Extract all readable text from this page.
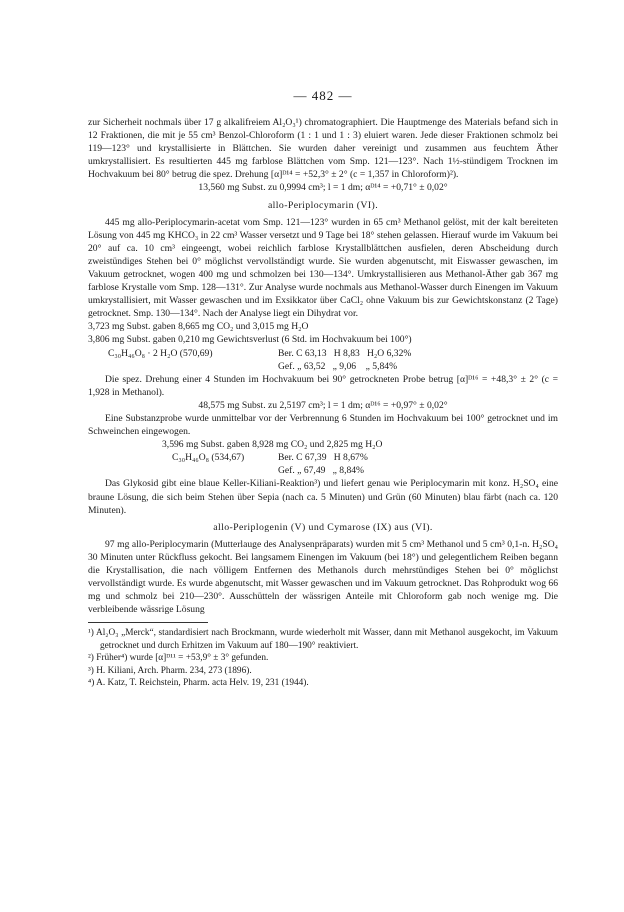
— 482 —

zur Sicherheit nochmals über 17 g alkalifreiem Al₂O₃¹) chromatographiert. Die Hauptmenge des Materials befand sich in 12 Fraktionen, die mit je 55 cm³ Benzol-Chloroform (1 : 1 und 1 : 3) eluiert waren. Jede dieser Fraktionen schmolz bei 119—123° und krystallisierte in Blättchen. Sie wurden daher vereinigt und zusammen aus feuchtem Äther umkrystallisiert. Es resultierten 445 mg farblose Blättchen vom Smp. 121—123°. Nach 1½-stündigem Trocknen im Hochvakuum bei 80° betrug die spez. Drehung [α]ᴰ¹⁴ = +52,3° ± 2° (c = 1,357 in Chloroform)²).

13,560 mg Subst. zu 0,9994 cm³; l = 1 dm; αᴰ¹⁴ = +0,71° ± 0,02°

allo-Periplocymarin (VI).

445 mg allo-Periplocymarin-acetat vom Smp. 121—123° wurden in 65 cm³ Methanol gelöst, mit der kalt bereiteten Lösung von 445 mg KHCO₃ in 22 cm³ Wasser versetzt und 9 Tage bei 18° stehen gelassen. Hierauf wurde im Vakuum bei 20° auf ca. 10 cm³ eingeengt, wobei reichlich farblose Krystallblättchen ausfielen, deren Abscheidung durch zweistündiges Stehen bei 0° möglichst vervollständigt wurde. Sie wurden abgenutscht, mit Eiswasser gewaschen, im Vakuum getrocknet, wogen 400 mg und schmolzen bei 130—134°. Umkrystallisieren aus Methanol-Äther gab 367 mg farblose Krystalle vom Smp. 128—131°. Zur Analyse wurde nochmals aus Methanol-Wasser durch Einengen im Vakuum umkrystallisiert, mit Wasser gewaschen und im Exsikkator über CaCl₂ ohne Vakuum bis zur Gewichtskonstanz (2 Tage) getrocknet. Smp. 130—134°. Nach der Analyse liegt ein Dihydrat vor.

3,723 mg Subst. gaben 8,665 mg CO₂ und 3,015 mg H₂O
3,806 mg Subst. gaben 0,210 mg Gewichtsverlust (6 Std. im Hochvakuum bei 100°)
C₃₀H₄₆O₈ · 2 H₂O (570,69)	Ber. C 63,13   H 8,83   H₂O 6,32%
Gef. „ 63,52   „ 9,06    „ 5,84%

Die spez. Drehung einer 4 Stunden im Hochvakuum bei 90° getrockneten Probe betrug [α]ᴰ¹⁶ = +48,3° ± 2° (c = 1,928 in Methanol).

48,575 mg Subst. zu 2,5197 cm³; l = 1 dm; αᴰ¹⁶ = +0,97° ± 0,02°

Eine Substanzprobe wurde unmittelbar vor der Verbrennung 6 Stunden im Hochvakuum bei 100° getrocknet und im Schweinchen eingewogen.

3,596 mg Subst. gaben 8,928 mg CO₂ und 2,825 mg H₂O
C₃₀H₄₆O₈ (534,67)	Ber. C 67,39   H 8,67%
Gef. „ 67,49   „ 8,84%

Das Glykosid gibt eine blaue Keller-Kiliani-Reaktion³) und liefert genau wie Periplocymarin mit konz. H₂SO₄ eine braune Lösung, die sich beim Stehen über Sepia (nach ca. 5 Minuten) und Grün (60 Minuten) blau färbt (nach ca. 120 Minuten).

allo-Periplogenin (V) und Cymarose (IX) aus (VI).

97 mg allo-Periplocymarin (Mutterlauge des Analysenpräparats) wurden mit 5 cm³ Methanol und 5 cm³ 0,1-n. H₂SO₄ 30 Minuten unter Rückfluss gekocht. Bei langsamem Einengen im Vakuum (bei 18°) und gelegentlichem Reiben begann die Krystallisation, die nach völligem Entfernen des Methanols durch mehrstündiges Stehen bei 0° möglichst vervollständigt wurde. Es wurde abgenutscht, mit Wasser gewaschen und im Vakuum getrocknet. Das Rohprodukt wog 66 mg und schmolz bei 210—230°. Ausschütteln der wässrigen Anteile mit Chloroform gab noch wenige mg. Die verbleibende wässrige Lösung

¹) Al₂O₃ „Merck“, standardisiert nach Brockmann, wurde wiederholt mit Wasser, dann mit Methanol ausgekocht, im Vakuum getrocknet und durch Erhitzen im Vakuum auf 180—190° reaktiviert.

²) Früher⁴) wurde [α]ᴰ¹¹ = +53,9° ± 3° gefunden.

³) H. Kiliani, Arch. Pharm. 234, 273 (1896).

⁴) A. Katz, T. Reichstein, Pharm. acta Helv. 19, 231 (1944).
